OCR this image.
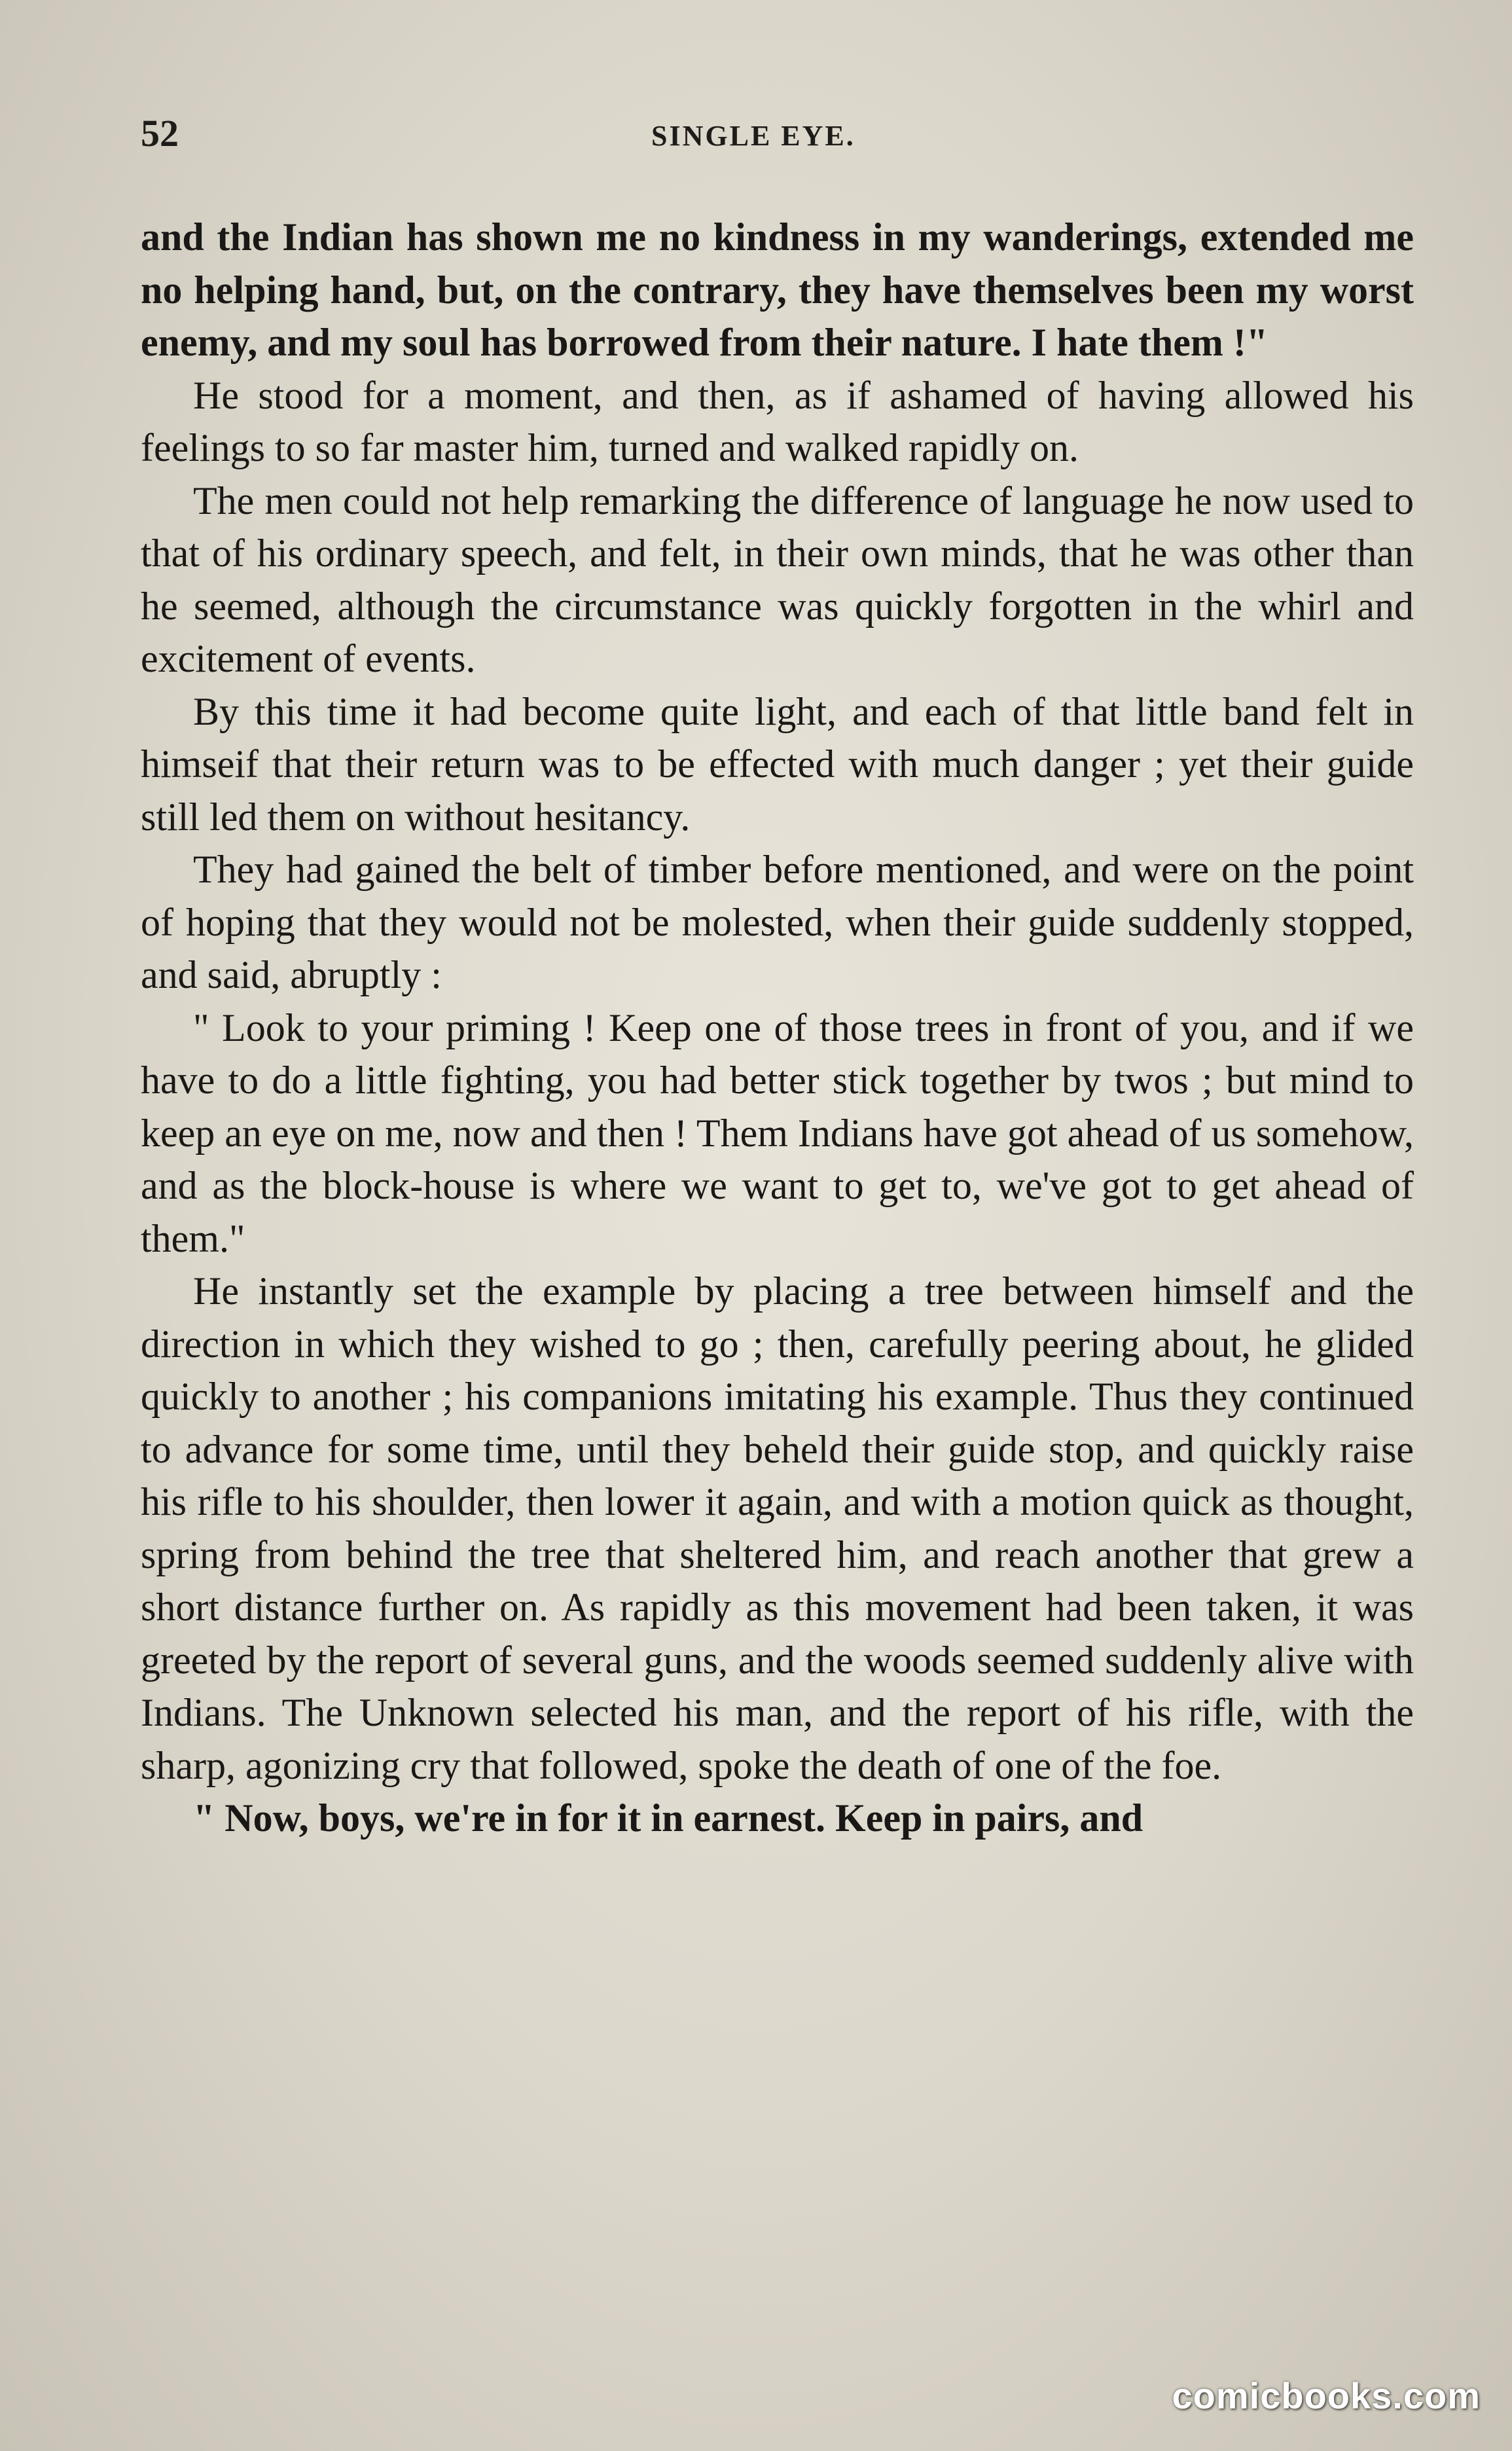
52	SINGLE EYE.

and the Indian has shown me no kindness in my wanderings, extended me no helping hand, but, on the contrary, they have themselves been my worst enemy, and my soul has borrowed from their nature. I hate them !"

He stood for a moment, and then, as if ashamed of having allowed his feelings to so far master him, turned and walked rapidly on.

The men could not help remarking the difference of language he now used to that of his ordinary speech, and felt, in their own minds, that he was other than he seemed, although the circumstance was quickly forgotten in the whirl and excitement of events.

By this time it had become quite light, and each of that little band felt in himseif that their return was to be effected with much danger ; yet their guide still led them on without hesitancy.

They had gained the belt of timber before mentioned, and were on the point of hoping that they would not be molested, when their guide suddenly stopped, and said, abruptly :

" Look to your priming ! Keep one of those trees in front of you, and if we have to do a little fighting, you had better stick together by twos ; but mind to keep an eye on me, now and then ! Them Indians have got ahead of us somehow, and as the block-house is where we want to get to, we've got to get ahead of them."

He instantly set the example by placing a tree between himself and the direction in which they wished to go ; then, carefully peering about, he glided quickly to another ; his companions imitating his example. Thus they continued to advance for some time, until they beheld their guide stop, and quickly raise his rifle to his shoulder, then lower it again, and with a motion quick as thought, spring from behind the tree that sheltered him, and reach another that grew a short distance further on. As rapidly as this movement had been taken, it was greeted by the report of several guns, and the woods seemed suddenly alive with Indians. The Unknown selected his man, and the report of his rifle, with the sharp, agonizing cry that followed, spoke the death of one of the foe.

" Now, boys, we're in for it in earnest. Keep in pairs, and

comicbooks.com
